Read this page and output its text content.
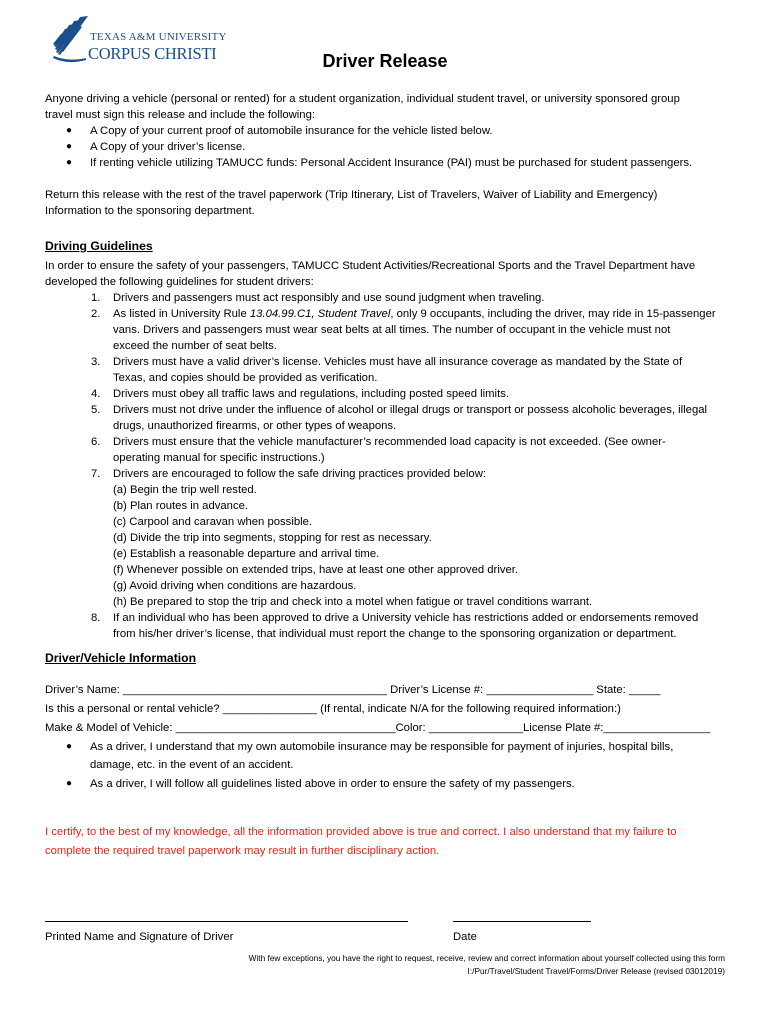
TEXAS A&M UNIVERSITY
CORPUS CHRISTI	Driver Release
Anyone driving a vehicle (personal or rented) for a student organization, individual student travel, or university sponsored group
travel must sign this release and include the following:
● A Copy of your current proof of automobile insurance for the vehicle listed below.
● A Copy of your driver’s license.
● If renting vehicle utilizing TAMUCC funds: Personal Accident Insurance (PAI) must be purchased for student passengers.
Return this release with the rest of the travel paperwork (Trip Itinerary, List of Travelers, Waiver of Liability and Emergency)
Information to the sponsoring department.
Driving Guidelines
In order to ensure the safety of your passengers, TAMUCC Student Activities/Recreational Sports and the Travel Department have
developed the following guidelines for student drivers:
1. Drivers and passengers must act responsibly and use sound judgment when traveling.
2. As listed in University Rule 13.04.99.C1, Student Travel, only 9 occupants, including the driver, may ride in 15-passenger
vans. Drivers and passengers must wear seat belts at all times. The number of occupant in the vehicle must not
exceed the number of seat belts.
3. Drivers must have a valid driver’s license. Vehicles must have all insurance coverage as mandated by the State of
Texas, and copies should be provided as verification.
4. Drivers must obey all traffic laws and regulations, including posted speed limits.
5. Drivers must not drive under the influence of alcohol or illegal drugs or transport or possess alcoholic beverages, illegal
drugs, unauthorized firearms, or other types of weapons.
6. Drivers must ensure that the vehicle manufacturer’s recommended load capacity is not exceeded. (See owner-
operating manual for specific instructions.)
7. Drivers are encouraged to follow the safe driving practices provided below:
(a) Begin the trip well rested.
(b) Plan routes in advance.
(c) Carpool and caravan when possible.
(d) Divide the trip into segments, stopping for rest as necessary.
(e) Establish a reasonable departure and arrival time.
(f) Whenever possible on extended trips, have at least one other approved driver.
(g) Avoid driving when conditions are hazardous.
(h) Be prepared to stop the trip and check into a motel when fatigue or travel conditions warrant.
8. If an individual who has been approved to drive a University vehicle has restrictions added or endorsements removed
from his/her driver’s license, that individual must report the change to the sponsoring organization or department.
Driver/Vehicle Information
Driver’s Name: __________________________________________ Driver’s License #: _________________ State: _____
Is this a personal or rental vehicle? _______________ (If rental, indicate N/A for the following required information:)
Make & Model of Vehicle: ___________________________________Color: _______________License Plate #:_________________
● As a driver, I understand that my own automobile insurance may be responsible for payment of injuries, hospital bills,
damage, etc. in the event of an accident.
● As a driver, I will follow all guidelines listed above in order to ensure the safety of my passengers.
I certify, to the best of my knowledge, all the information provided above is true and correct. I also understand that my failure to
complete the required travel paperwork may result in further disciplinary action.
Printed Name and Signature of Driver	Date
With few exceptions, you have the right to request, receive, review and correct information about yourself collected using this form
I:/Pur/Travel/Student Travel/Forms/Driver Release (revised 03012019)
